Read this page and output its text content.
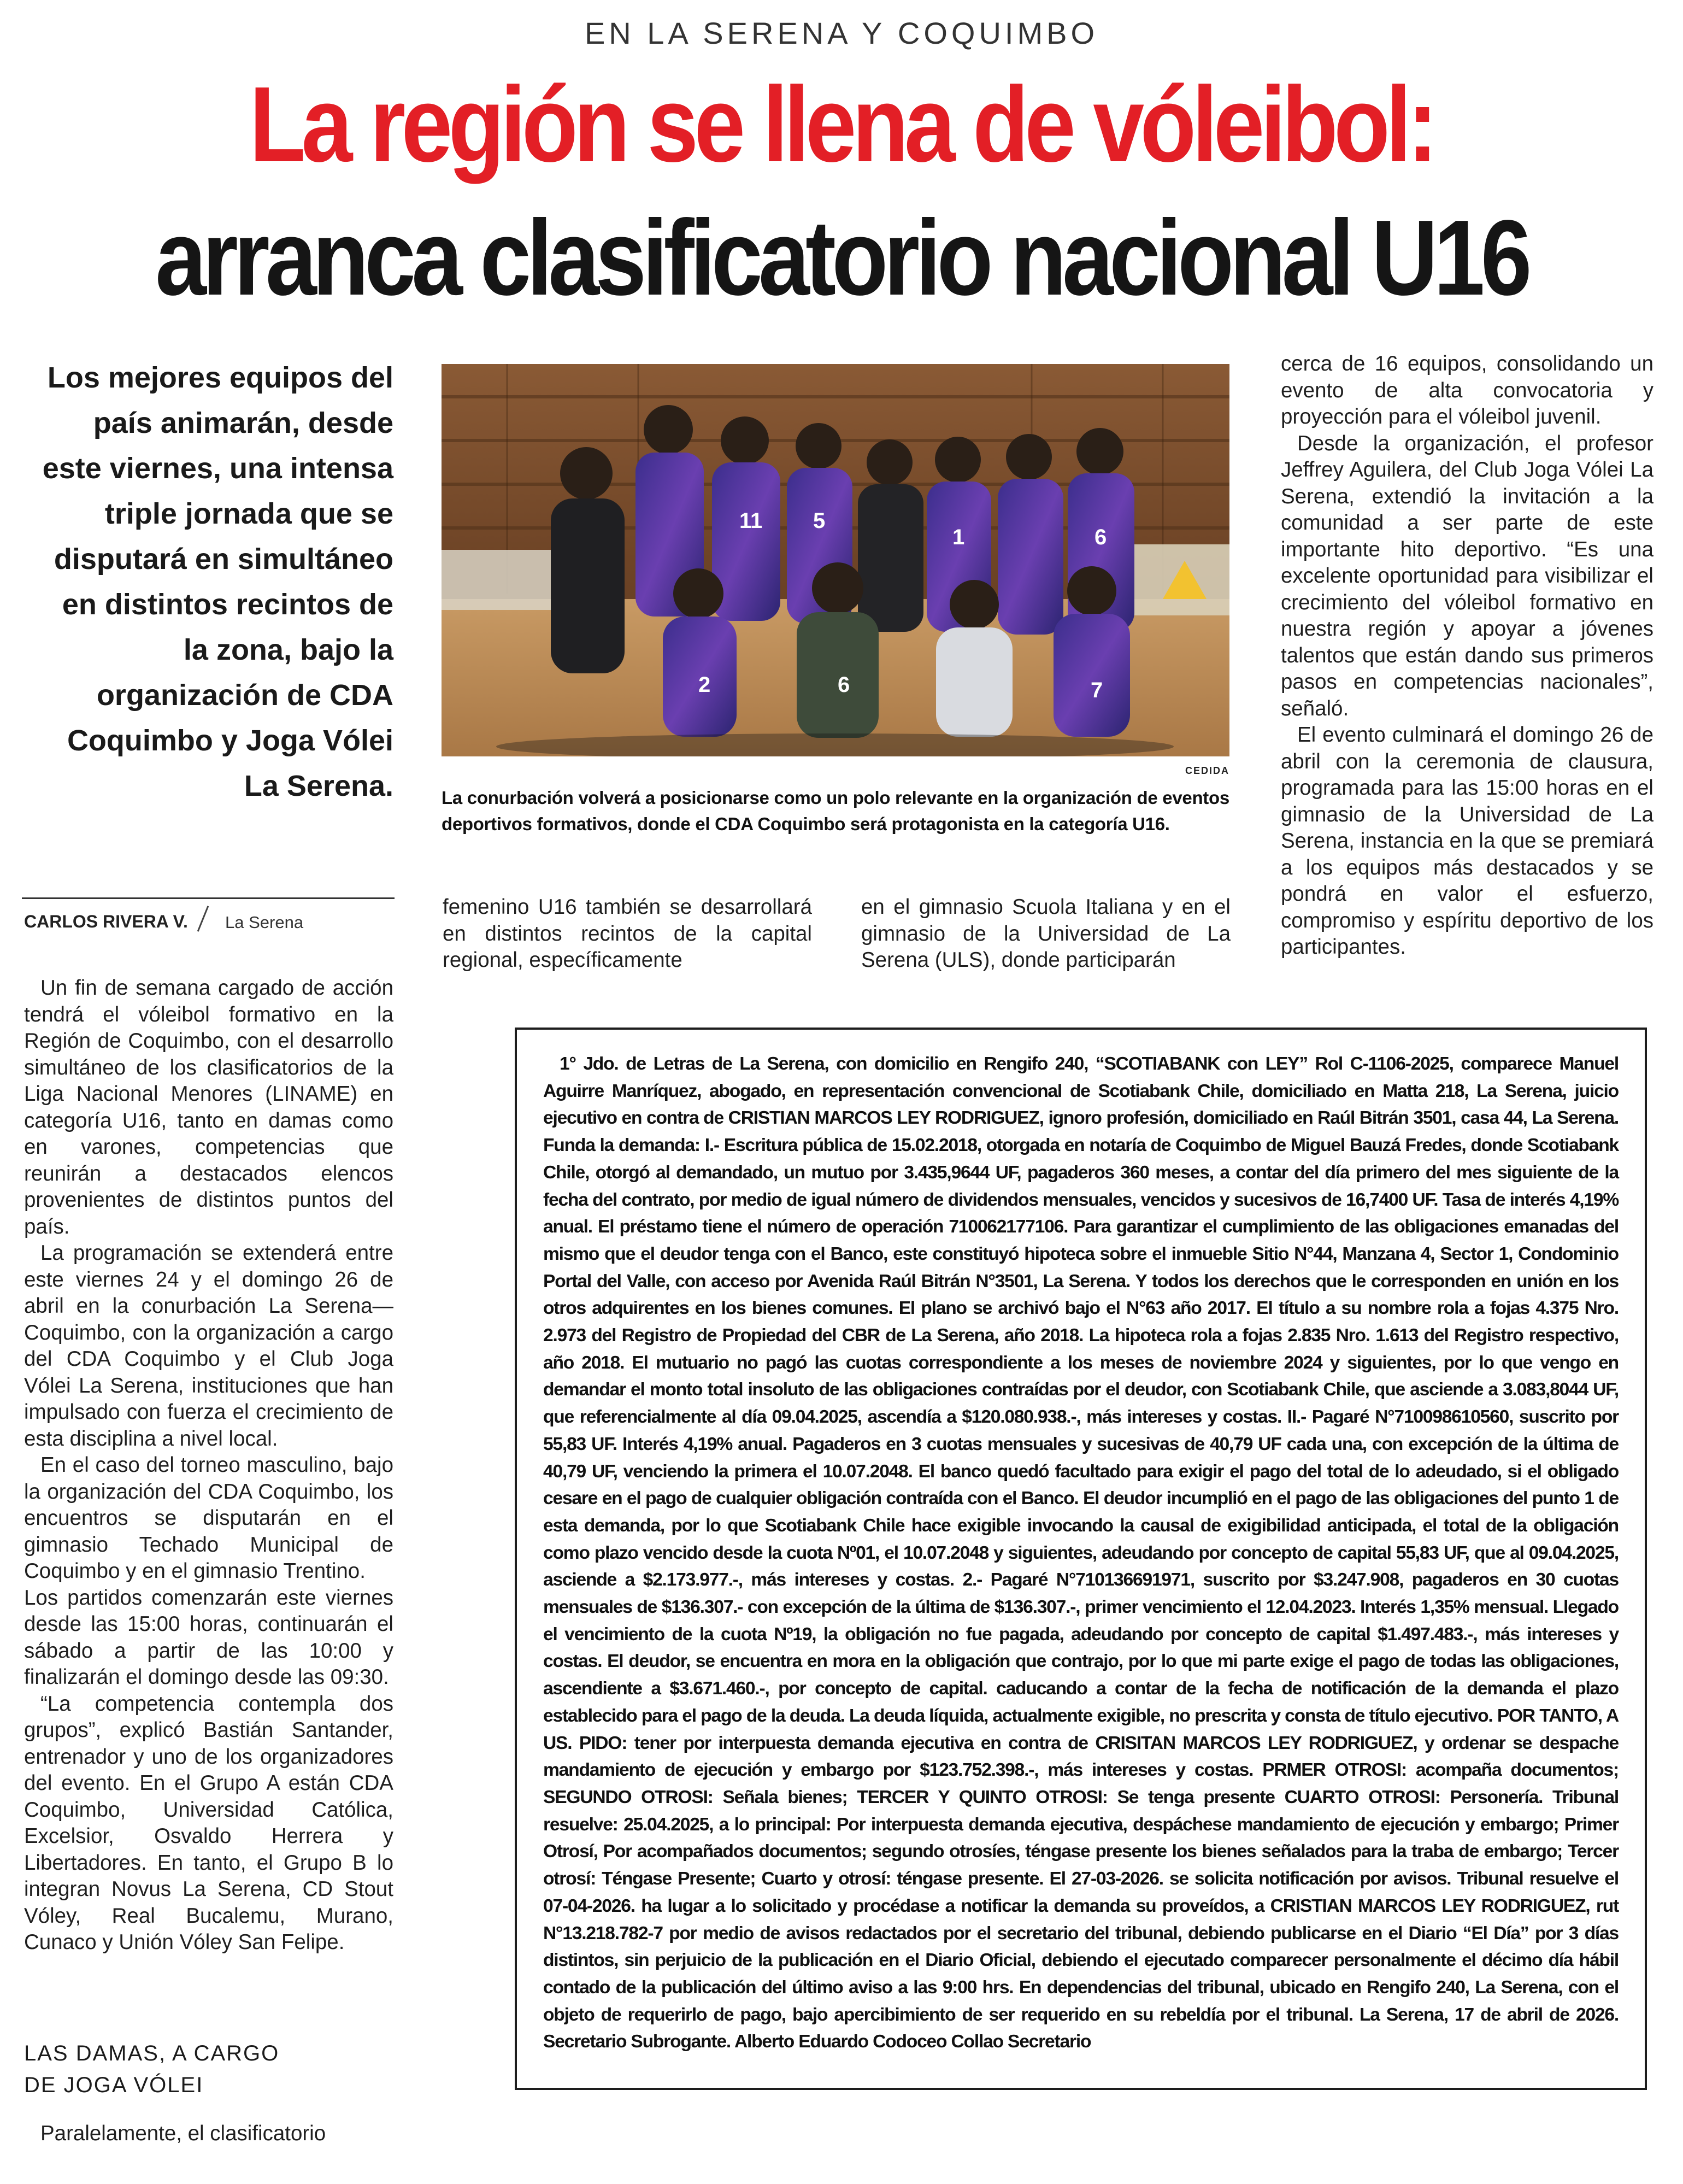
EN LA SERENA Y COQUIMBO
La región se llena de vóleibol:
arranca clasificatorio nacional U16
Los mejores equipos del país animarán, desde este viernes, una intensa triple jornada que se disputará en simultáneo en distintos recintos de la zona, bajo la organización de CDA Coquimbo y Joga Vólei La Serena.
11 5
1	6
2	6	7
CEDIDA
La conurbación volverá a posicionarse como un polo relevante en la organización de eventos deportivos formativos, donde el CDA Coquimbo será protagonista en la categoría U16.
CARLOS RIVERA V. La Serena

Un fin de semana cargado de acción tendrá el vóleibol formativo en la Región de Coquimbo, con el desarrollo simultáneo de los clasificatorios de la Liga Nacional Menores (LINAME) en categoría U16, tanto en damas como en varones, competencias que reunirán a destacados elencos provenientes de distintos puntos del país.

La programación se extenderá entre este viernes 24 y el domingo 26 de abril en la conurbación La Serena—Coquimbo, con la organización a cargo del CDA Coquimbo y el Club Joga Vólei La Serena, instituciones que han impulsado con fuerza el crecimiento de esta disciplina a nivel local.

En el caso del torneo masculino, bajo la organización del CDA Coquimbo, los encuentros se disputarán en el gimnasio Techado Municipal de Coquimbo y en el gimnasio Trentino.

Los partidos comenzarán este viernes desde las 15:00 horas, continuarán el sábado a partir de las 10:00 y finalizarán el domingo desde las 09:30.

“La competencia contempla dos grupos”, explicó Bastián Santander, entrenador y uno de los organizadores del evento. En el Grupo A están CDA Coquimbo, Universidad Católica, Excelsior, Osvaldo Herrera y Libertadores. En tanto, el Grupo B lo integran Novus La Serena, CD Stout Vóley, Real Bucalemu, Murano, Cunaco y Unión Vóley San Felipe.

LAS DAMAS, A CARGO
DE JOGA VÓLEI

Paralelamente, el clasificatorio

femenino U16 también se desarrollará en distintos recintos de la capital regional, específicamente

en el gimnasio Scuola Italiana y en el gimnasio de la Universidad de La Serena (ULS), donde participarán

cerca de 16 equipos, consolidando un evento de alta convocatoria y proyección para el vóleibol juvenil.

Desde la organización, el profesor Jeffrey Aguilera, del Club Joga Vólei La Serena, extendió la invitación a la comunidad a ser parte de este importante hito deportivo. “Es una excelente oportunidad para visibilizar el crecimiento del vóleibol formativo en nuestra región y apoyar a jóvenes talentos que están dando sus primeros pasos en competencias nacionales”, señaló.

El evento culminará el domingo 26 de abril con la ceremonia de clausura, programada para las 15:00 horas en el gimnasio de la Universidad de La Serena, instancia en la que se premiará a los equipos más destacados y se pondrá en valor el esfuerzo, compromiso y espíritu deportivo de los participantes.

1° Jdo. de Letras de La Serena, con domicilio en Rengifo 240, “SCOTIABANK con LEY” Rol C-1106-2025, comparece Manuel Aguirre Manríquez, abogado, en representación convencional de Scotiabank Chile, domiciliado en Matta 218, La Serena, juicio ejecutivo en contra de CRISTIAN MARCOS LEY RODRIGUEZ, ignoro profesión, domiciliado en Raúl Bitrán 3501, casa 44, La Serena. Funda la demanda: I.- Escritura pública de 15.02.2018, otorgada en notaría de Coquimbo de Miguel Bauzá Fredes, donde Scotiabank Chile, otorgó al demandado, un mutuo por 3.435,9644 UF, pagaderos 360 meses, a contar del día primero del mes siguiente de la fecha del contrato, por medio de igual número de dividendos mensuales, vencidos y sucesivos de 16,7400 UF. Tasa de interés 4,19% anual. El préstamo tiene el número de operación 710062177106. Para garantizar el cumplimiento de las obligaciones emanadas del mismo que el deudor tenga con el Banco, este constituyó hipoteca sobre el inmueble Sitio N°44, Manzana 4, Sector 1, Condominio Portal del Valle, con acceso por Avenida Raúl Bitrán N°3501, La Serena. Y todos los derechos que le corresponden en unión en los otros adquirentes en los bienes comunes. El plano se archivó bajo el N°63 año 2017. El título a su nombre rola a fojas 4.375 Nro. 2.973 del Registro de Propiedad del CBR de La Serena, año 2018. La hipoteca rola a fojas 2.835 Nro. 1.613 del Registro respectivo, año 2018. El mutuario no pagó las cuotas correspondiente a los meses de noviembre 2024 y siguientes, por lo que vengo en demandar el monto total insoluto de las obligaciones contraídas por el deudor, con Scotiabank Chile, que asciende a 3.083,8044 UF, que referencialmente al día 09.04.2025, ascendía a $120.080.938.-, más intereses y costas. II.- Pagaré N°710098610560, suscrito por 55,83 UF. Interés 4,19% anual. Pagaderos en 3 cuotas mensuales y sucesivas de 40,79 UF cada una, con excepción de la última de 40,79 UF, venciendo la primera el 10.07.2048. El banco quedó facultado para exigir el pago del total de lo adeudado, si el obligado cesare en el pago de cualquier obligación contraída con el Banco. El deudor incumplió en el pago de las obligaciones del punto 1 de esta demanda, por lo que Scotiabank Chile hace exigible invocando la causal de exigibilidad anticipada, el total de la obligación como plazo vencido desde la cuota Nº01, el 10.07.2048 y siguientes, adeudando por concepto de capital 55,83 UF, que al 09.04.2025, asciende a $2.173.977.-, más intereses y costas. 2.- Pagaré N°710136691971, suscrito por $3.247.908, pagaderos en 30 cuotas mensuales de $136.307.- con excepción de la última de $136.307.-, primer vencimiento el 12.04.2023. Interés 1,35% mensual. Llegado el vencimiento de la cuota Nº19, la obligación no fue pagada, adeudando por concepto de capital $1.497.483.-, más intereses y costas. El deudor, se encuentra en mora en la obligación que contrajo, por lo que mi parte exige el pago de todas las obligaciones, ascendiente a $3.671.460.-, por concepto de capital. caducando a contar de la fecha de notificación de la demanda el plazo establecido para el pago de la deuda. La deuda líquida, actualmente exigible, no prescrita y consta de título ejecutivo. POR TANTO, A US. PIDO: tener por interpuesta demanda ejecutiva en contra de CRISITAN MARCOS LEY RODRIGUEZ, y ordenar se despache mandamiento de ejecución y embargo por $123.752.398.-, más intereses y costas. PRMER OTROSI: acompaña documentos; SEGUNDO OTROSI: Señala bienes; TERCER Y QUINTO OTROSI: Se tenga presente CUARTO OTROSI: Personería. Tribunal resuelve: 25.04.2025, a lo principal: Por interpuesta demanda ejecutiva, despáchese mandamiento de ejecución y embargo; Primer Otrosí, Por acompañados documentos; segundo otrosíes, téngase presente los bienes señalados para la traba de embargo; Tercer otrosí: Téngase Presente; Cuarto y otrosí: téngase presente. El 27-03-2026. se solicita notificación por avisos. Tribunal resuelve el 07-04-2026. ha lugar a lo solicitado y procédase a notificar la demanda su proveídos, a CRISTIAN MARCOS LEY RODRIGUEZ, rut N°13.218.782-7 por medio de avisos redactados por el secretario del tribunal, debiendo publicarse en el Diario “El Día” por 3 días distintos, sin perjuicio de la publicación en el Diario Oficial, debiendo el ejecutado comparecer personalmente el décimo día hábil contado de la publicación del último aviso a las 9:00 hrs. En dependencias del tribunal, ubicado en Rengifo 240, La Serena, con el objeto de requerirlo de pago, bajo apercibimiento de ser requerido en su rebeldía por el tribunal. La Serena, 17 de abril de 2026. Secretario Subrogante. Alberto Eduardo Codoceo Collao Secretario
